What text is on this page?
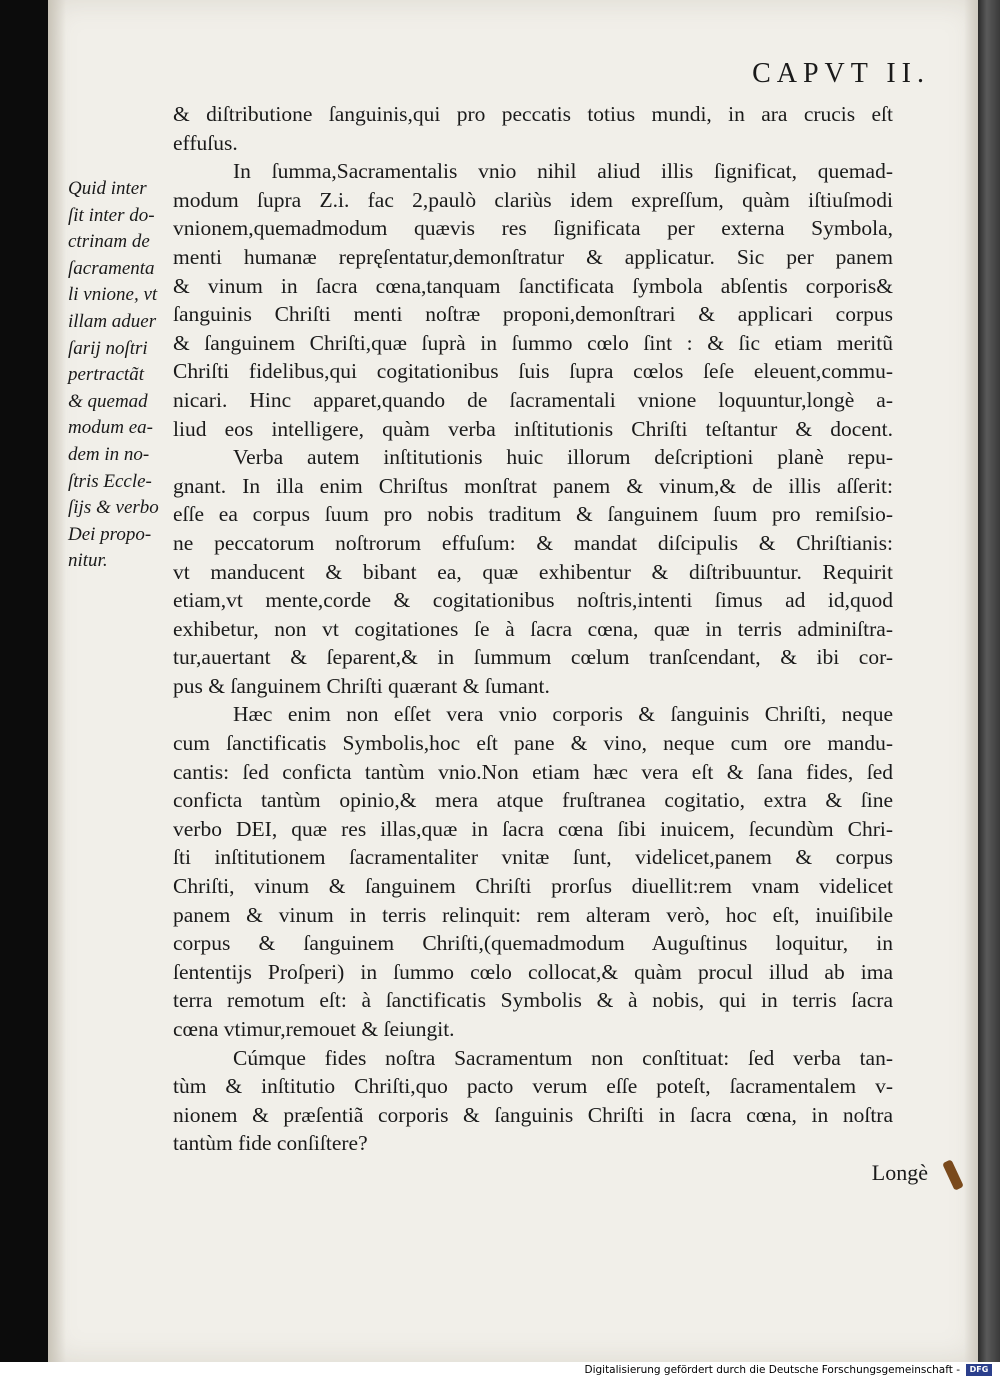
CAPVT II.
Quid inter
ſit inter do-
ctrinam de
ſacramenta
li vnione, vt
illam aduer
ſarij noſtri
pertractãt
& quemad
modum ea-
dem in no-
ſtris Eccle-
ſijs & verbo
Dei propo-
nitur.
& diſtributione ſanguinis,qui pro peccatis totius mundi, in ara crucis eſt
effuſus.
In ſumma,Sacramentalis vnio nihil aliud illis ſignificat, quemad-
modum ſupra Z.i. fac 2,paulò clariùs idem expreſſum, quàm iſtiuſmodi
vnionem,quemadmodum quævis res ſignificata per externa Symbola,
menti humanæ repręſentatur,demonſtratur & applicatur. Sic per panem
& vinum in ſacra cœna,tanquam ſanctificata ſymbola abſentis corporis&
ſanguinis Chriſti menti noſtræ proponi,demonſtrari & applicari corpus
& ſanguinem Chriſti,quæ ſuprà in ſummo cœlo ſint : & ſic etiam meritũ
Chriſti fidelibus,qui cogitationibus ſuis ſupra cœlos ſeſe eleuent,commu-
nicari. Hinc apparet,quando de ſacramentali vnione loquuntur,longè a-
liud eos intelligere, quàm verba inſtitutionis Chriſti teſtantur & docent.
Verba autem inſtitutionis huic illorum deſcriptioni planè repu-
gnant. In illa enim Chriſtus monſtrat panem & vinum,& de illis aſſerit:
eſſe ea corpus ſuum pro nobis traditum & ſanguinem ſuum pro remiſsio-
ne peccatorum noſtrorum effuſum: & mandat diſcipulis & Chriſtianis:
vt manducent & bibant ea, quæ exhibentur & diſtribuuntur. Requirit
etiam,vt mente,corde & cogitationibus noſtris,intenti ſimus ad id,quod
exhibetur, non vt cogitationes ſe à ſacra cœna, quæ in terris adminiſtra-
tur,auertant & ſeparent,& in ſummum cœlum tranſcendant, & ibi cor-
pus & ſanguinem Chriſti quærant & ſumant.
Hæc enim non eſſet vera vnio corporis & ſanguinis Chriſti, neque
cum ſanctificatis Symbolis,hoc eſt pane & vino, neque cum ore mandu-
cantis: ſed conficta tantùm vnio.Non etiam hæc vera eſt & ſana fides, ſed
conficta tantùm opinio,& mera atque fruſtranea cogitatio, extra & ſine
verbo DEI, quæ res illas,quæ in ſacra cœna ſibi inuicem, ſecundùm Chri-
ſti inſtitutionem ſacramentaliter vnitæ ſunt, videlicet,panem & corpus
Chriſti, vinum & ſanguinem Chriſti prorſus diuellit:rem vnam videlicet
panem & vinum in terris relinquit: rem alteram verò, hoc eſt, inuiſibile
corpus & ſanguinem Chriſti,(quemadmodum Auguſtinus loquitur, in
ſententijs Proſperi) in ſummo cœlo collocat,& quàm procul illud ab ima
terra remotum eſt: à ſanctificatis Symbolis & à nobis, qui in terris ſacra
cœna vtimur,remouet & ſeiungit.
Cúmque fides noſtra Sacramentum non conſtituat: ſed verba tan-
tùm & inſtitutio Chriſti,quo pacto verum eſſe poteſt, ſacramentalem v-
nionem & præſentiã corporis & ſanguinis Chriſti in ſacra cœna, in noſtra
tantùm fide conſiſtere?
Longè
Digitalisierung gefördert durch die Deutsche Forschungsgemeinschaft -	DFG
